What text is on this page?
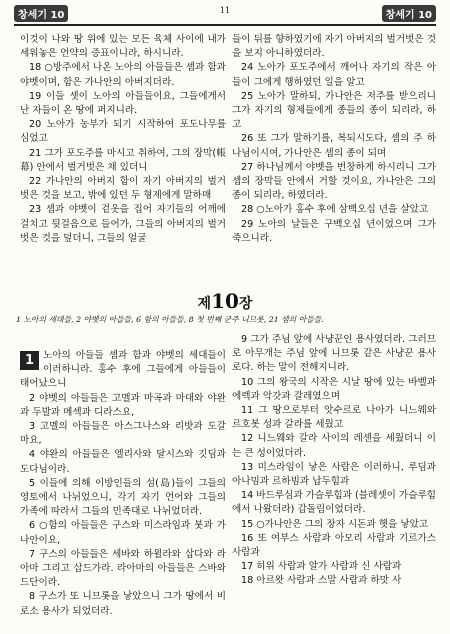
창세기 10	11	창세기 10

이것이 나와 땅 위에 있는 모든 육체 사이에 내가 세워놓은 언약의 증표이니라, 하시니라.

18 ○방주에서 나온 노아의 아들들은 셈과 함과 야벳이며, 함은 가나안의 아버지더라.

19 이들 셋이 노아의 아들들이요, 그들에게서 난 자들이 온 땅에 퍼지니라.

20 노아가 농부가 되기 시작하여 포도나무를 심었고

21 그가 포도주를 마시고 취하여, 그의 장막(帳幕) 안에서 벌거벗은 채 있더니

22 가나안의 아버지 함이 자기 아버지의 벌거벗은 것을 보고, 밖에 있던 두 형제에게 말하매

23 셈과 야벳이 겉옷을 집어 자기들의 어깨에 걸치고 뒷걸음으로 들어가, 그들의 아버지의 벌거벗은 것을 덮더니, 그들의 얼굴

들이 뒤를 향하였기에 자기 아버지의 벌거벗은 것을 보지 아니하였더라.

24 노아가 포도주에서 깨어나 자기의 작은 아들이 그에게 행하였던 일을 알고

25 노아가 말하되, 가나안은 저주를 받으리니 그가 자기의 형제들에게 종들의 종이 되리라, 하고

26 또 그가 말하기를, 복되시도다, 셈의 주 하나님이시여, 가나안은 셈의 종이 되며

27 하나님께서 야벳을 번창하게 하시리니 그가 셈의 장막들 안에서 거할 것이요, 가나안은 그의 종이 되리라, 하였더라.

28 ○노아가 홍수 후에 삼백오십 년을 살았고

29 노아의 날들은 구백오십 년이었으며 그가 죽으니라.

제10장
1 노아의 세대들, 2 야벳의 아들들, 6 함의 아들들, 8 첫 번째 군주 니므롯, 21 셈의 아들들.

1 노아의 아들들 셈과 함과 야벳의 세대들이 이러하니라. 홍수 후에 그들에게 아들들이 태어났으니

2 야벳의 아들들은 고멜과 마곡과 마대와 야완과 두발과 메섹과 디라스요,

3 고멜의 아들들은 아스그나스와 리밧과 도갈마요,

4 야완의 아들들은 엘리사와 달시스와 깃딤과 도다님이라.

5 이들에 의해 이방인들의 섬(島)들이 그들의 영토에서 나뉘었으니, 각기 자기 언어와 그들의 가족에 따라서 그들의 민족대로 나뉘었더라.

6 ○함의 아들들은 구스와 미스라임과 붓과 가나안이요,

7 구스의 아들들은 세바와 하윌라와 삽다와 라아마 그리고 삽드가라. 라아마의 아들들은 스바와 드단이라.

8 구스가 또 니므롯을 낳았으니 그가 땅에서 비로소 용사가 되었더라.

9 그가 주님 앞에 사냥꾼인 용사였더라. 그러므로 아무개는 주님 앞에 니므롯 같은 사냥꾼 용사로다. 하는 말이 전해지니라.

10 그의 왕국의 시작은 시날 땅에 있는 바벨과 에렉과 악갓과 갈레였으며

11 그 땅으로부터 앗수르로 나아가 니느웨와 르호봇 성과 갈라를 세웠고

12 니느웨와 갈라 사이의 레센을 세웠더니 이는 큰 성이었더라.

13 미스라임이 낳은 사람은 이러하니, 루딤과 아나밈과 르하빔과 납두힘과

14 바드루심과 가슬루힘과 (블레셋이 가슬루힘에서 나왔더라) 갑돌림이었더라.

15 ○가나안은 그의 장자 시돈과 헷을 낳았고

16 또 여부스 사람과 아모리 사람과 기르가스 사람과

17 히위 사람과 알가 사람과 신 사람과

18 아르왓 사람과 스말 사람과 하맛 사
